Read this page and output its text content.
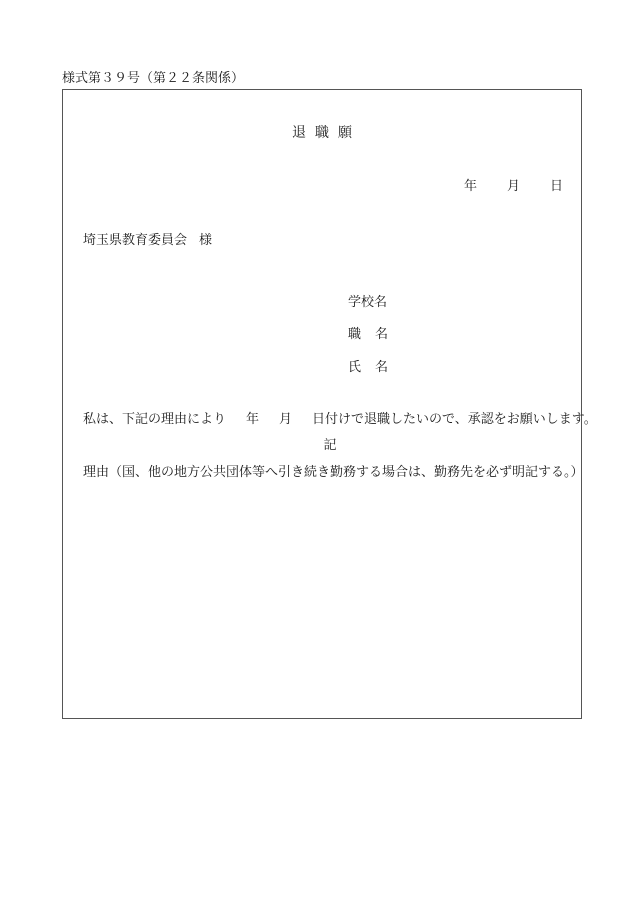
様式第３９号（第２２条関係）
退職願
年 月 日
埼玉県教育委員会 様
学校名
職名
氏名
私は、下記の理由により 年 月 日付けで退職したいので、承認をお願いします。
記
理由（国、他の地方公共団体等へ引き続き勤務する場合は、勤務先を必ず明記する。）
